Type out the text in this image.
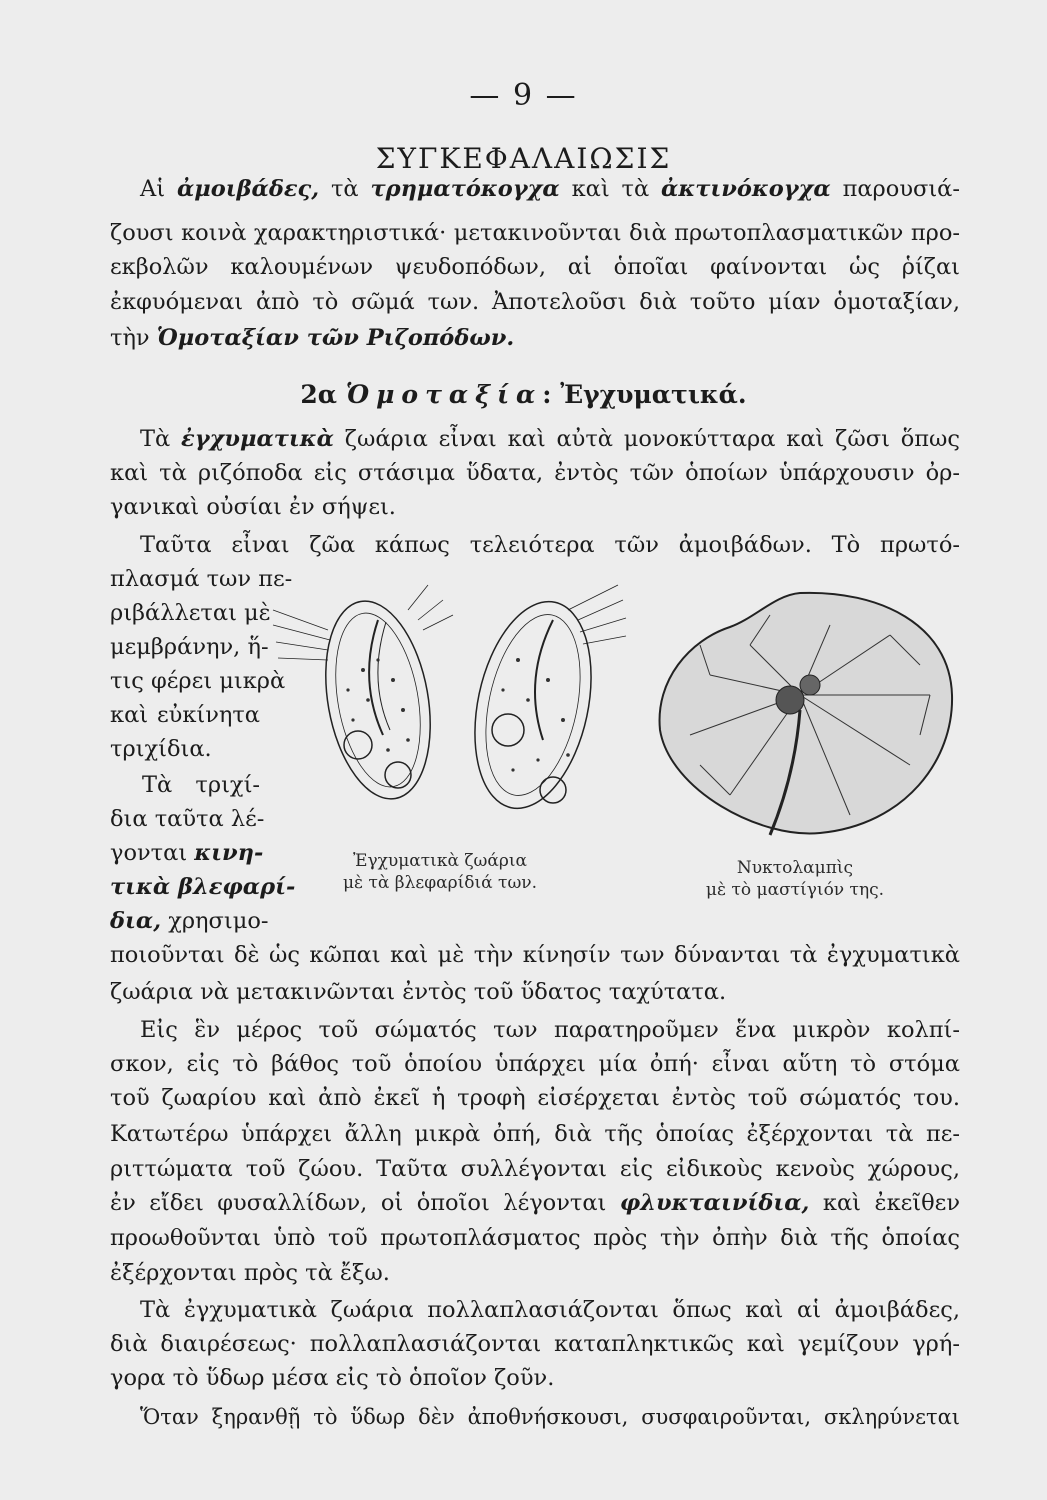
— 9 —
ΣΥΓΚΕΦΑΛΑΙΩΣΙΣ
Αἱ ἀμοιβάδες, τὰ τρηματόκογχα καὶ τὰ ἀκτινόκογχα παρουσιά-
ζουσι κοινὰ χαρακτηριστικά· μετακινοῦνται διὰ πρωτοπλασματικῶν προ-
εκβολῶν καλουμένων ψευδοπόδων, αἱ ὁποῖαι φαίνονται ὡς ῥίζαι
ἐκφυόμεναι ἀπὸ τὸ σῶμά των. Ἀποτελοῦσι διὰ τοῦτο μίαν ὁμοταξίαν,
τὴν Ὁμοταξίαν τῶν Ριζοπόδων.
2α Ὁμοταξία: Ἐγχυματικά.
Τὰ ἐγχυματικὰ ζωάρια εἶναι καὶ αὐτὰ μονοκύτταρα καὶ ζῶσι ὅπως
καὶ τὰ ριζόποδα εἰς στάσιμα ὕδατα, ἐντὸς τῶν ὁποίων ὑπάρχουσιν ὀρ-
γανικαὶ οὐσίαι ἐν σήψει.
Ταῦτα εἶναι ζῶα κάπως τελειότερα τῶν ἀμοιβάδων. Τὸ πρωτό-
πλασμά των πε-
ριβάλλεται μὲ
μεμβράνην, ἥ-
τις φέρει μικρὰ
καὶ εὐκίνητα
τριχίδια.
Τὰ τριχί-
δια ταῦτα λέ-
γονται κινη-
τικὰ βλεφαρί-
δια, χρησιμο-
Ἐγχυματικὰ ζωάρια
μὲ τὰ βλεφαρίδιά των.
Νυκτολαμπὶς
μὲ τὸ μαστίγιόν της.
ποιοῦνται δὲ ὡς κῶπαι καὶ μὲ τὴν κίνησίν των δύνανται τὰ ἐγχυματικὰ
ζωάρια νὰ μετακινῶνται ἐντὸς τοῦ ὕδατος ταχύτατα.
Εἰς ἓν μέρος τοῦ σώματός των παρατηροῦμεν ἕνα μικρὸν κολπί-
σκον, εἰς τὸ βάθος τοῦ ὁποίου ὑπάρχει μία ὀπή· εἶναι αὕτη τὸ στόμα
τοῦ ζωαρίου καὶ ἀπὸ ἐκεῖ ἡ τροφὴ εἰσέρχεται ἐντὸς τοῦ σώματός του.
Κατωτέρω ὑπάρχει ἄλλη μικρὰ ὀπή, διὰ τῆς ὁποίας ἐξέρχονται τὰ πε-
ριττώματα τοῦ ζώου. Ταῦτα συλλέγονται εἰς εἰδικοὺς κενοὺς χώρους,
ἐν εἴδει φυσαλλίδων, οἱ ὁποῖοι λέγονται φλυκταινίδια, καὶ ἐκεῖθεν
προωθοῦνται ὑπὸ τοῦ πρωτοπλάσματος πρὸς τὴν ὀπὴν διὰ τῆς ὁποίας
ἐξέρχονται πρὸς τὰ ἔξω.
Τὰ ἐγχυματικὰ ζωάρια πολλαπλασιάζονται ὅπως καὶ αἱ ἀμοιβάδες,
διὰ διαιρέσεως· πολλαπλασιάζονται καταπληκτικῶς καὶ γεμίζουν γρή-
γορα τὸ ὕδωρ μέσα εἰς τὸ ὁποῖον ζοῦν.
Ὅταν ξηρανθῇ τὸ ὕδωρ δὲν ἀποθνήσκουσι, συσφαιροῦνται, σκληρύνεται
